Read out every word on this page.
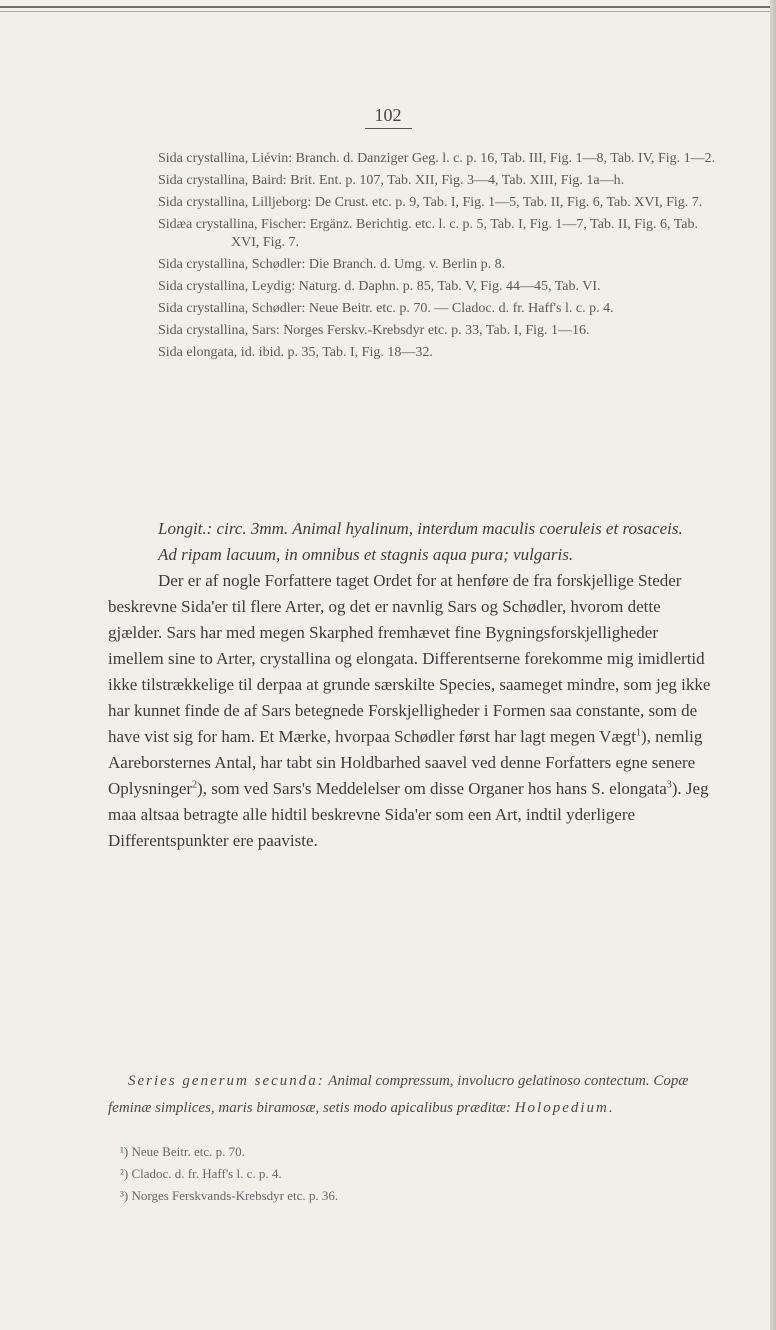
102

Sida crystallina, Liévin: Branch. d. Danziger Geg. l. c. p. 16, Tab. III, Fig. 1—8, Tab. IV, Fig. 1—2.

Sida crystallina, Baird: Brit. Ent. p. 107, Tab. XII, Fig. 3—4, Tab. XIII, Fig. 1a—h.

Sida crystallina, Lilljeborg: De Crust. etc. p. 9, Tab. I, Fig. 1—5, Tab. II, Fig. 6, Tab. XVI, Fig. 7.

Sidæa crystallina, Fischer: Ergänz. Berichtig. etc. l. c. p. 5, Tab. I, Fig. 1—7, Tab. II, Fig. 6, Tab. XVI, Fig. 7.

Sida crystallina, Schødler: Die Branch. d. Umg. v. Berlin p. 8.

Sida crystallina, Leydig: Naturg. d. Daphn. p. 85, Tab. V, Fig. 44—45, Tab. VI.

Sida crystallina, Schødler: Neue Beitr. etc. p. 70. — Cladoc. d. fr. Haff's l. c. p. 4.

Sida crystallina, Sars: Norges Ferskv.-Krebsdyr etc. p. 33, Tab. I, Fig. 1—16.

Sida elongata, id. ibid. p. 35, Tab. I, Fig. 18—32.

Longit.: circ. 3mm. Animal hyalinum, interdum maculis coeruleis et rosaceis.

Ad ripam lacuum, in omnibus et stagnis aqua pura; vulgaris.

Der er af nogle Forfattere taget Ordet for at henføre de fra forskjellige Steder beskrevne Sida'er til flere Arter, og det er navnlig Sars og Schødler, hvorom dette gjælder. Sars har med megen Skarphed fremhævet fine Bygningsforskjelligheder imellem sine to Arter, crystallina og elongata. Differentserne forekomme mig imidlertid ikke tilstrækkelige til derpaa at grunde særskilte Species, saameget mindre, som jeg ikke har kunnet finde de af Sars betegnede Forskjelligheder i Formen saa constante, som de have vist sig for ham. Et Mærke, hvorpaa Schødler først har lagt megen Vægt$^1$), nemlig Aareborsternes Antal, har tabt sin Holdbarhed saavel ved denne Forfatters egne senere Oplysninger$^2$), som ved Sars's Meddelelser om disse Organer hos hans S. elongata$^3$). Jeg maa altsaa betragte alle hidtil beskrevne Sida'er som een Art, indtil yderligere Differentspunkter ere paaviste.

Series generum secunda: Animal compressum, involucro gelatinoso contectum. Copæ feminæ simplices, maris biramosæ, setis modo apicalibus præditæ: Holopedium.
¹) Neue Beitr. etc. p. 70.
²) Cladoc. d. fr. Haff's l. c. p. 4.
³) Norges Ferskvands-Krebsdyr etc. p. 36.
